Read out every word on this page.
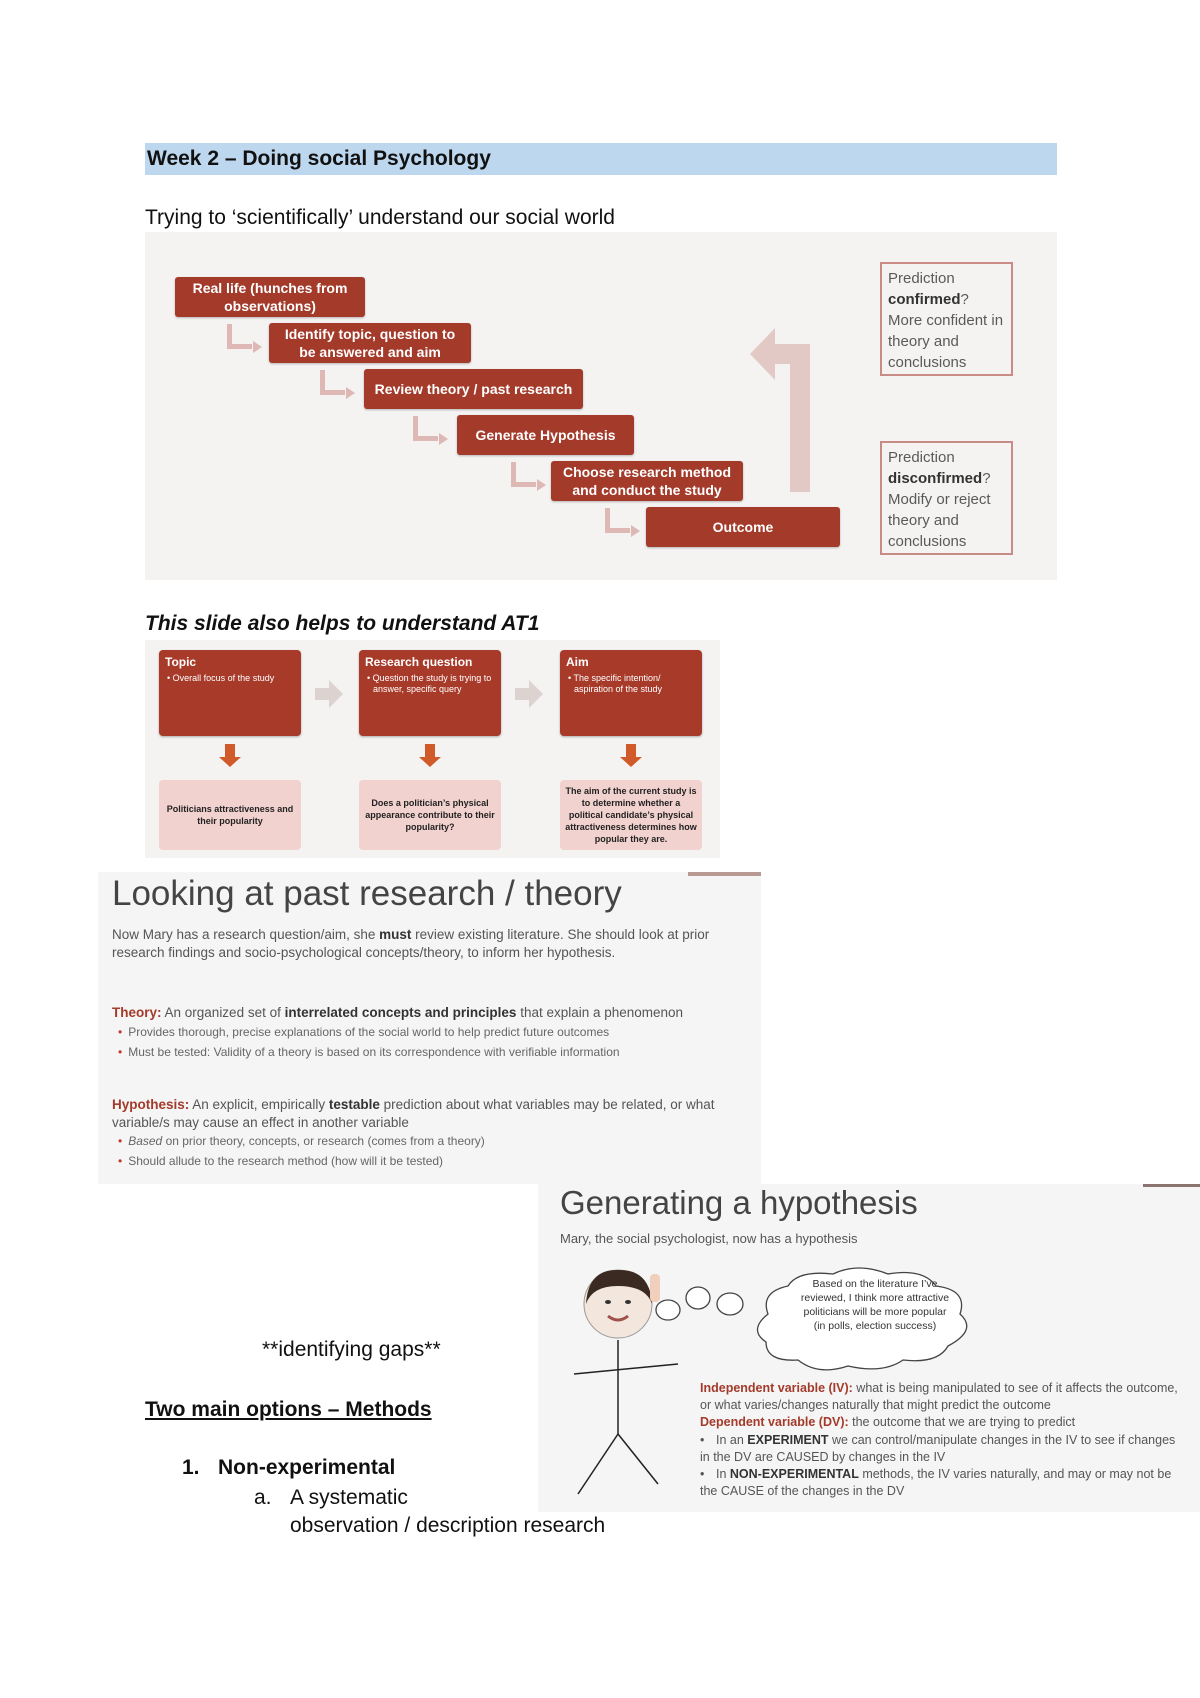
Week 2 – Doing social Psychology
Trying to ‘scientifically’ understand our social world
Real life (hunches from observations)
Identify topic, question to be answered and aim
Review theory / past research
Generate Hypothesis
Choose research method and conduct the study
Outcome
Prediction
confirmed?
More confident in theory and conclusions
Prediction
disconfirmed?
Modify or reject theory and conclusions
This slide also helps to understand AT1
Topic
• Overall focus of the study
Research question
• Question the study is trying to answer, specific query
Aim
• The specific intention/ aspiration of the study
Politicians attractiveness and their popularity
Does a politician’s physical appearance contribute to their popularity?
The aim of the current study is to determine whether a political candidate’s physical attractiveness determines how popular they are.
Looking at past research / theory
Now Mary has a research question/aim, she must review existing literature. She should look at prior research findings and socio-psychological concepts/theory, to inform her hypothesis.
Theory: An organized set of interrelated concepts and principles that explain a phenomenon
• Provides thorough, precise explanations of the social world to help predict future outcomes
• Must be tested: Validity of a theory is based on its correspondence with verifiable information
Hypothesis: An explicit, empirically testable prediction about what variables may be related, or what variable/s may cause an effect in another variable
• Based on prior theory, concepts, or research (comes from a theory)
• Should allude to the research method (how will it be tested)
Generating a hypothesis
Mary, the social psychologist, now has a hypothesis
Based on the literature I’ve reviewed, I think more attractive politicians will be more popular (in polls, election success)
Independent variable (IV): what is being manipulated to see of it affects the outcome, or what varies/changes naturally that might predict the outcome
Dependent variable (DV): the outcome that we are trying to predict
• In an EXPERIMENT we can control/manipulate changes in the IV to see if changes in the DV are CAUSED by changes in the IV
• In NON-EXPERIMENTAL methods, the IV varies naturally, and may or may not be the CAUSE of the changes in the DV
**identifying gaps**
Two main options – Methods
1. Non-experimental
a. A systematic
observation / description research
